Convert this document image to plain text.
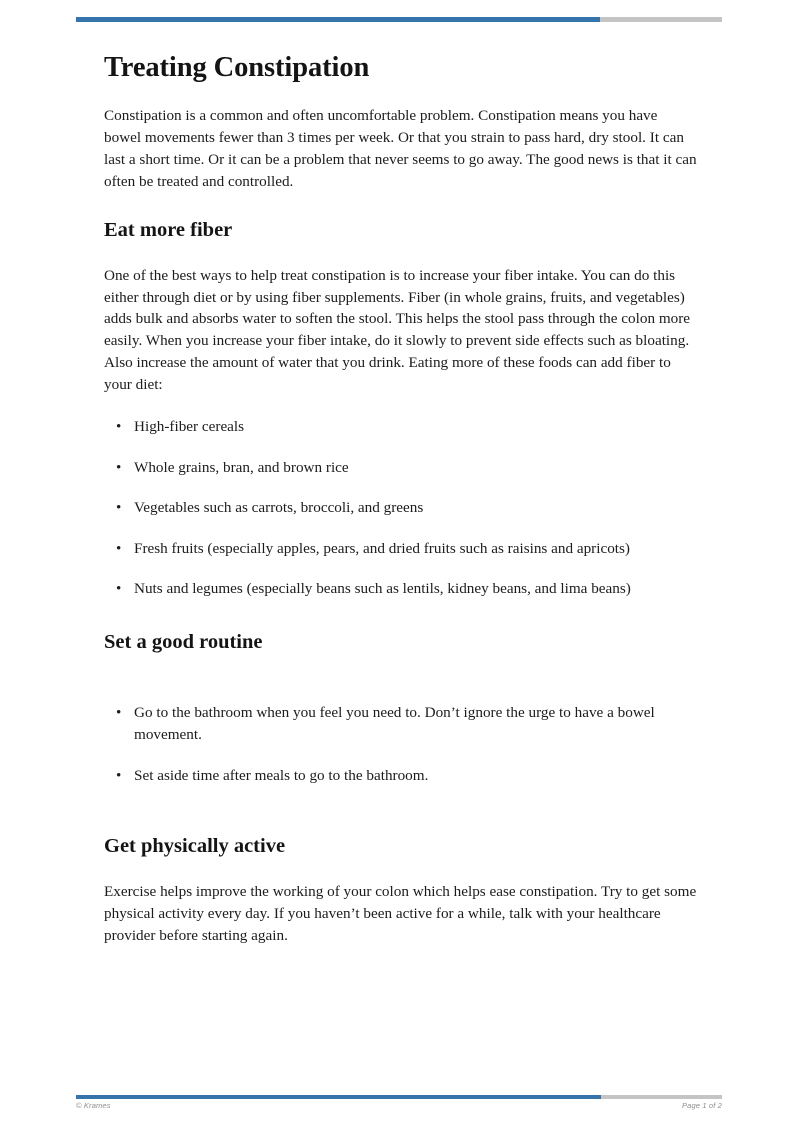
Treating Constipation

Constipation is a common and often uncomfortable problem. Constipation means you have bowel movements fewer than 3 times per week. Or that you strain to pass hard, dry stool. It can last a short time. Or it can be a problem that never seems to go away. The good news is that it can often be treated and controlled.

Eat more fiber

One of the best ways to help treat constipation is to increase your fiber intake. You can do this either through diet or by using fiber supplements. Fiber (in whole grains, fruits, and vegetables) adds bulk and absorbs water to soften the stool. This helps the stool pass through the colon more easily. When you increase your fiber intake, do it slowly to prevent side effects such as bloating. Also increase the amount of water that you drink. Eating more of these foods can add fiber to your diet:

• High-fiber cereals
• Whole grains, bran, and brown rice
• Vegetables such as carrots, broccoli, and greens
• Fresh fruits (especially apples, pears, and dried fruits such as raisins and apricots)
• Nuts and legumes (especially beans such as lentils, kidney beans, and lima beans)
Set a good routine
• Go to the bathroom when you feel you need to. Don’t ignore the urge to have a bowel movement.
• Set aside time after meals to go to the bathroom.
Get physically active

Exercise helps improve the working of your colon which helps ease constipation. Try to get some physical activity every day. If you haven’t been active for a while, talk with your healthcare provider before starting again.

© Krames	Page 1 of 2
